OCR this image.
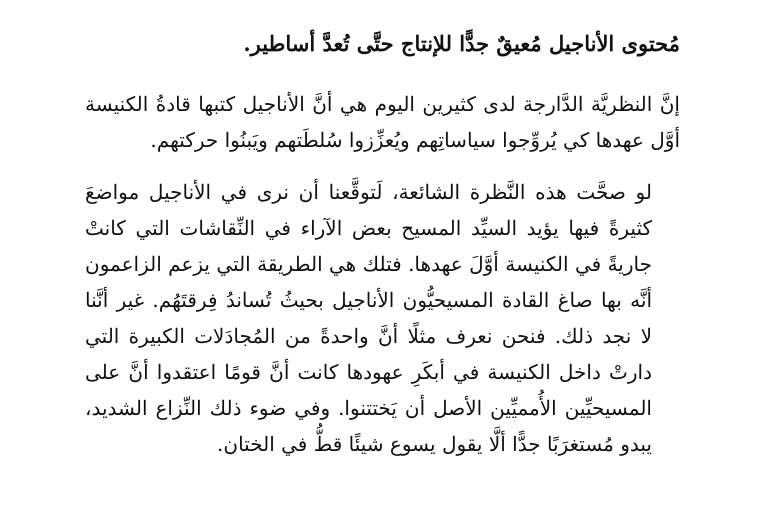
مُحتوى الأناجيل مُعيقٌ جدًّا للإنتاج حتَّى تُعدَّ أساطير.
إنَّ النظريَّة الدَّارجة لدى كثيرين اليوم هي أنَّ الأناجيل كتبها قادةُ الكنيسة
أوَّل عهدها كي يُروِّجوا سياساتِهم ويُعزِّزوا سُلطَتهم ويَبنُوا حركتهم.
لو صحَّت هذه النَّظرة الشائعة، لَتوقَّعنا أن نرى في الأناجيل مواضعَ
كثيرةً فيها يؤيد السيِّد المسيح بعض الآراء في النِّقاشات التي كانتْ
جاريةً في الكنيسة أوَّلَ عهدها. فتلك هي الطريقة التي يزعم الزاعمون
أنَّه بها صاغ القادة المسيحيُّون الأناجيل بحيثُ تُساندُ فِرقتَهُم. غير أنَّنا
لا نجد ذلك. فنحن نعرف مثلًا أنَّ واحدةً من المُجادَلات الكبيرة التي
دارتْ داخل الكنيسة في أبكَرِ عهودها كانت أنَّ قومًا اعتقدوا أنَّ على
المسيحيِّين الأُمميِّين الأصل أن يَختتنوا. وفي ضوء ذلك النِّزاع الشديد،
يبدو مُستغرَبًا جدًّا ألَّا يقول يسوع شيئًا قطُّ في الختان.
